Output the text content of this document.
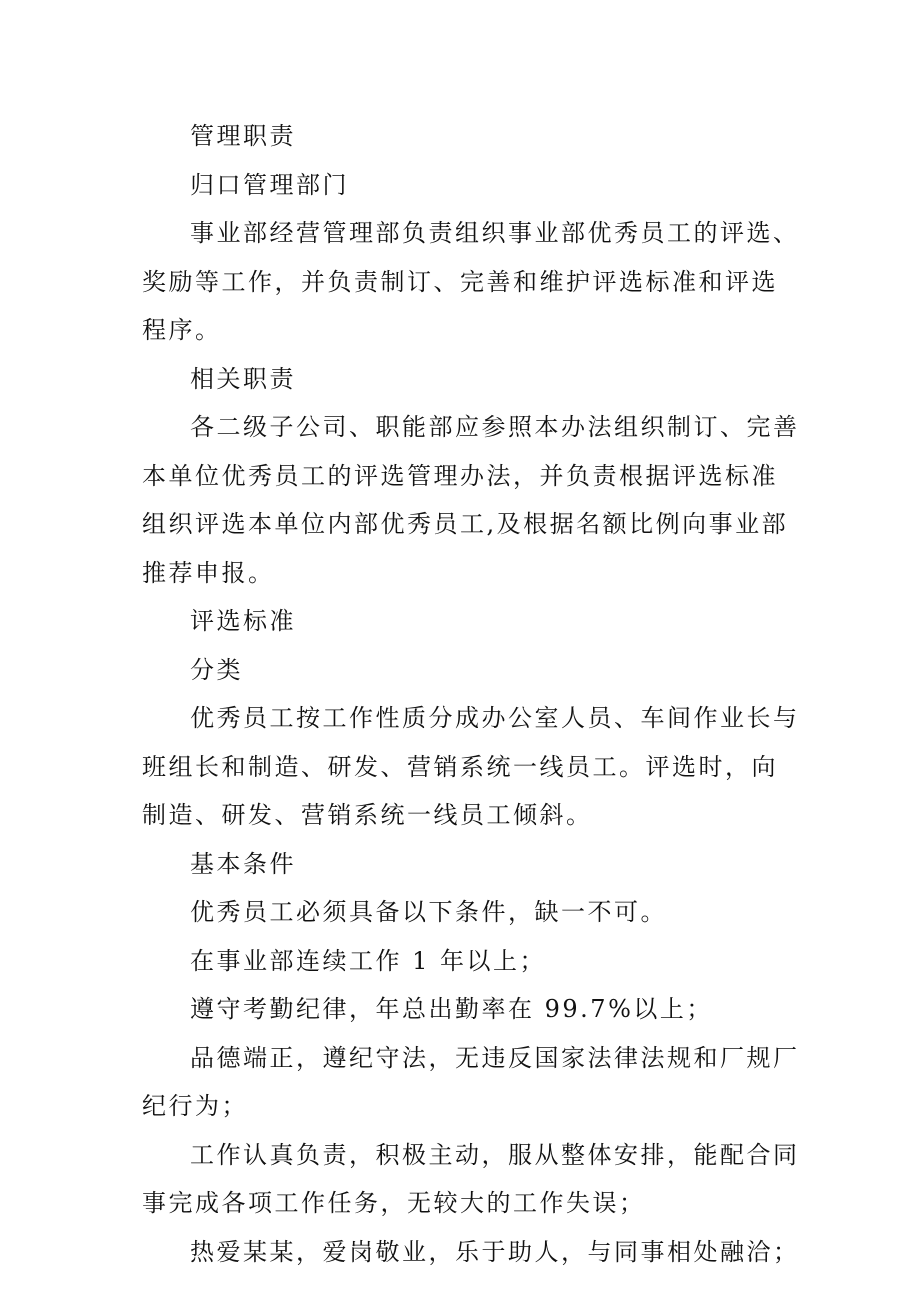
管理职责

归口管理部门

事业部经营管理部负责组织事业部优秀员工的评选、奖励等工作，并负责制订、完善和维护评选标准和评选程序。

相关职责

各二级子公司、职能部应参照本办法组织制订、完善本单位优秀员工的评选管理办法，并负责根据评选标准组织评选本单位内部优秀员工,及根据名额比例向事业部推荐申报。

评选标准

分类

优秀员工按工作性质分成办公室人员、车间作业长与班组长和制造、研发、营销系统一线员工。评选时，向制造、研发、营销系统一线员工倾斜。

基本条件

优秀员工必须具备以下条件，缺一不可。

在事业部连续工作 1 年以上；

遵守考勤纪律，年总出勤率在 99.7%以上；

品德端正，遵纪守法，无违反国家法律法规和厂规厂纪行为；

工作认真负责，积极主动，服从整体安排，能配合同事完成各项工作任务，无较大的工作失误；

热爱某某，爱岗敬业，乐于助人，与同事相处融洽；
